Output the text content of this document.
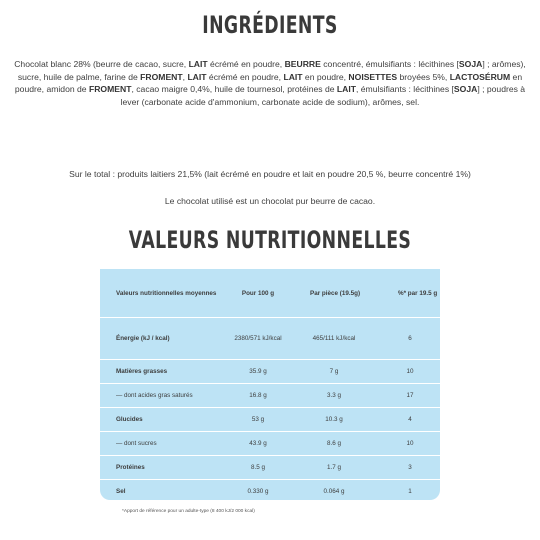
INGRÉDIENTS
Chocolat blanc 28% (beurre de cacao, sucre, LAIT écrémé en poudre, BEURRE concentré, émulsifiants : lécithines [SOJA] ; arômes), sucre, huile de palme, farine de FROMENT, LAIT écrémé en poudre, LAIT en poudre, NOISETTES broyées 5%, LACTOSÉRUM en poudre, amidon de FROMENT, cacao maigre 0,4%, huile de tournesol, protéines de LAIT, émulsifiants : lécithines [SOJA] ; poudres à lever (carbonate acide d'ammonium, carbonate acide de sodium), arômes, sel.
Sur le total : produits laitiers 21,5% (lait écrémé en poudre et lait en poudre 20,5 %, beurre concentré 1%)
Le chocolat utilisé est un chocolat pur beurre de cacao.
VALEURS NUTRITIONNELLES
Valeurs nutritionnelles moyennes	Pour 100 g	Par pièce (19.5g)	%* par 19.5 g
Énergie (kJ / kcal)	2380/571 kJ/kcal	465/111 kJ/kcal	6
Matières grasses	35.9 g	7 g	10
— dont acides gras saturés	16.8 g	3.3 g	17
Glucides	53 g	10.3 g	4
— dont sucres	43.9 g	8.6 g	10
Protéines	8.5 g	1.7 g	3
Sel	0.330 g	0.064 g	1
*Apport de référence pour un adulte-type (8 400 kJ/2 000 kcal)
